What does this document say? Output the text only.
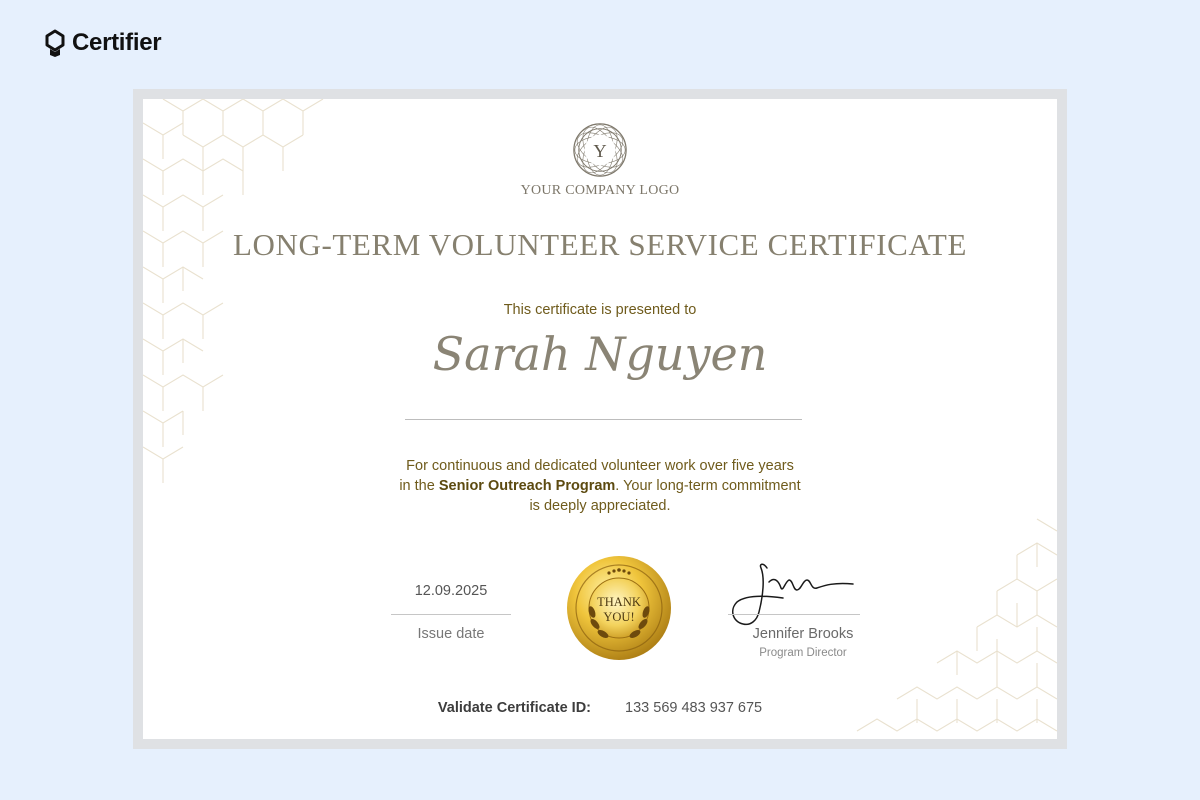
Certifier
Y
YOUR COMPANY LOGO
LONG-TERM VOLUNTEER SERVICE CERTIFICATE
This certificate is presented to
Sarah Nguyen
For continuous and dedicated volunteer work over five years
in the Senior Outreach Program. Your long-term commitment
is deeply appreciated.
12.09.2025
Issue date
THANK
YOU!
Jennifer Brooks
Program Director
Validate Certificate ID: 133 569 483 937 675
